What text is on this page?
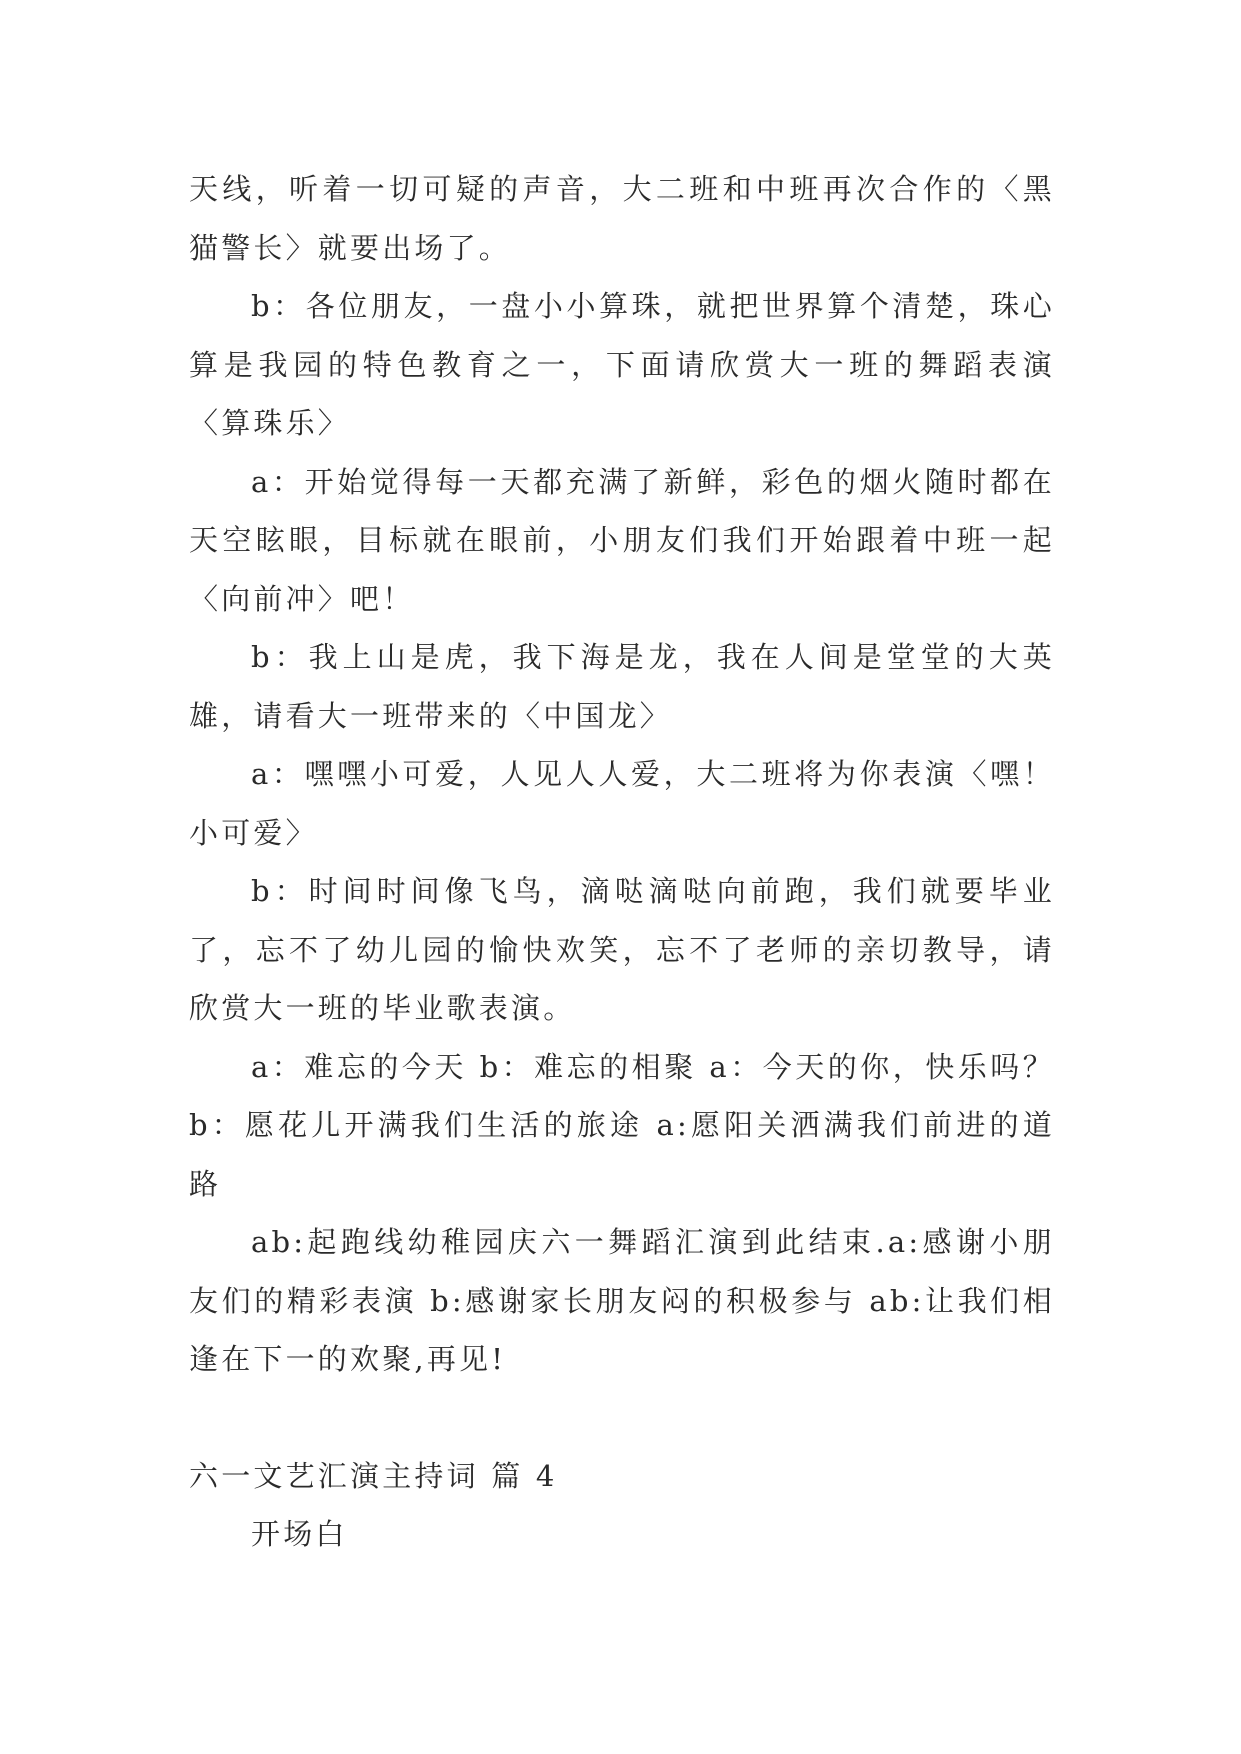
天线，听着一切可疑的声音，大二班和中班再次合作的〈黑猫警长〉就要出场了。

b：各位朋友，一盘小小算珠，就把世界算个清楚，珠心算是我园的特色教育之一，下面请欣赏大一班的舞蹈表演〈算珠乐〉

a：开始觉得每一天都充满了新鲜，彩色的烟火随时都在天空眩眼，目标就在眼前，小朋友们我们开始跟着中班一起〈向前冲〉吧！

b：我上山是虎，我下海是龙，我在人间是堂堂的大英雄，请看大一班带来的〈中国龙〉

a：嘿嘿小可爱，人见人人爱，大二班将为你表演〈嘿！小可爱〉

b：时间时间像飞鸟，滴哒滴哒向前跑，我们就要毕业了，忘不了幼儿园的愉快欢笑，忘不了老师的亲切教导，请欣赏大一班的毕业歌表演。

a：难忘的今天 b：难忘的相聚 a：今天的你，快乐吗？b：愿花儿开满我们生活的旅途 a:愿阳关洒满我们前进的道路

ab:起跑线幼稚园庆六一舞蹈汇演到此结束.a:感谢小朋友们的精彩表演 b:感谢家长朋友闷的积极参与 ab:让我们相逢在下一的欢聚,再见!

六一文艺汇演主持词 篇 4

开场白
